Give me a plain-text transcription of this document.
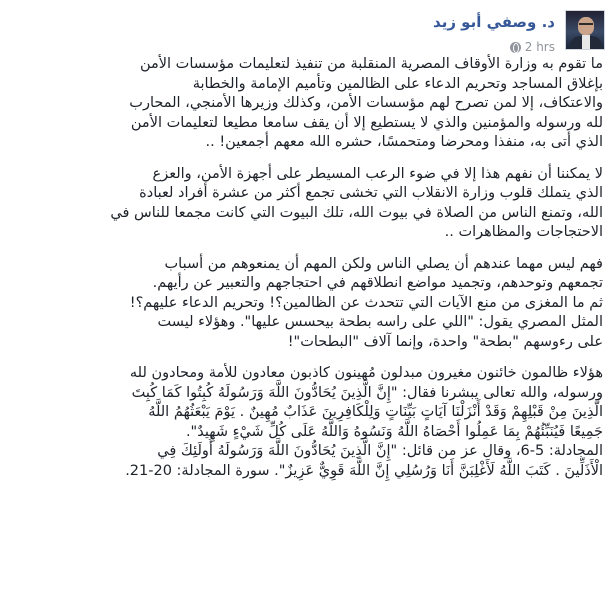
د. وصفي أبو زيد
2 hrs

ما تقوم به وزارة الأوقاف المصرية المنقلبة من تنفيذ لتعليمات مؤسسات الأمن

بإغلاق المساجد وتحريم الدعاء على الظالمين وتأميم الإمامة والخطابة

والاعتكاف، إلا لمن تصرح لهم مؤسسات الأمن، وكذلك وزيرها الأمنجي، المحارب

لله ورسوله والمؤمنين والذي لا يستطيع إلا أن يقف سامعا مطيعا لتعليمات الأمن

الذي أتى به، منفذا ومحرضا ومتحمسًا، حشره الله معهم أجمعين! ..

لا يمكننا أن نفهم هذا إلا في ضوء الرعب المسيطر على أجهزة الأمن، والعزع

الذي يتملك قلوب وزارة الانقلاب التي تخشى تجمع أكثر من عشرة أفراد لعبادة

الله، وتمنع الناس من الصلاة في بيوت الله، تلك البيوت التي كانت مجمعا للناس في

الاحتجاجات والمظاهرات ..

فهم ليس مهما عندهم أن يصلي الناس ولكن المهم أن يمنعوهم من أسباب

تجمعهم وتوحدهم، وتجميد مواضع انطلاقهم في احتجاجهم والتعبير عن رأيهم.

ثم ما المغزى من منع الآيات التي تتحدث عن الظالمين؟! وتحريم الدعاء عليهم؟!

المثل المصري يقول: "اللي على راسه بطحة بيحسس عليها". وهؤلاء ليست

على رءوسهم "بطحة" واحدة، وإنما آلاف "البطحات"!

هؤلاء ظالمون خائنون مغيرون مبدلون مُهينون كاذبون معادون للأمة ومحادون لله

ورسوله، والله تعالى يبشرنا فقال: "إِنَّ الَّذِينَ يُحَادُّونَ اللَّهَ وَرَسُولَهُ كُبِتُوا كَمَا كُبِتَ

الَّذِينَ مِنْ قَبْلِهِمْ وَقَدْ أَنْزَلْنَا آيَاتٍ بَيِّنَاتٍ وَلِلْكَافِرِينَ عَذَابٌ مُهِينٌ . يَوْمَ يَبْعَثُهُمُ اللَّهُ

جَمِيعًا فَيُنَبِّئُهُمْ بِمَا عَمِلُوا أَحْصَاهُ اللَّهُ وَنَسُوهُ وَاللَّهُ عَلَى كُلِّ شَيْءٍ شَهِيدٌ".

المجادلة: 5-6، وقال عز من قائل: "إِنَّ الَّذِينَ يُحَادُّونَ اللَّهَ وَرَسُولَهُ أُولَئِكَ فِي

الْأَذَلِّينَ . كَتَبَ اللَّهُ لَأَغْلِبَنَّ أَنَا وَرُسُلِي إِنَّ اللَّهَ قَوِيٌّ عَزِيزٌ". سورة المجادلة: 20-21.
